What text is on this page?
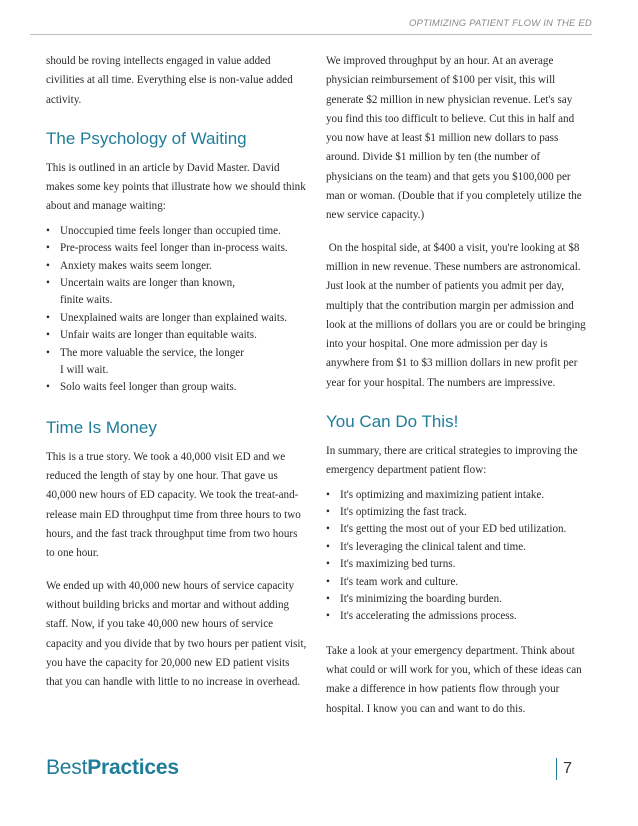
OPTIMIZING PATIENT FLOW IN THE ED

should be roving intellects engaged in value added civilities at all time. Everything else is non-value added activity.

The Psychology of Waiting

This is outlined in an article by David Master. David makes some key points that illustrate how we should think about and manage waiting:

• Unoccupied time feels longer than occupied time.
• Pre-process waits feel longer than in-process waits.
• Anxiety makes waits seem longer.
• Uncertain waits are longer than known,
finite waits.
• Unexplained waits are longer than explained waits.
• Unfair waits are longer than equitable waits.
• The more valuable the service, the longer
I will wait.
• Solo waits feel longer than group waits.
Time Is Money

This is a true story. We took a 40,000 visit ED and we reduced the length of stay by one hour. That gave us 40,000 new hours of ED capacity. We took the treat-and-release main ED throughput time from three hours to two hours, and the fast track throughput time from two hours to one hour.

We ended up with 40,000 new hours of service capacity without building bricks and mortar and without adding staff. Now, if you take 40,000 new hours of service capacity and you divide that by two hours per patient visit, you have the capacity for 20,000 new ED patient visits that you can handle with little to no increase in overhead.

We improved throughput by an hour. At an average physician reimbursement of $100 per visit, this will generate $2 million in new physician revenue. Let's say you find this too difficult to believe. Cut this in half and you now have at least $1 million new dollars to pass around. Divide $1 million by ten (the number of physicians on the team) and that gets you $100,000 per man or woman. (Double that if you completely utilize the new service capacity.)

On the hospital side, at $400 a visit, you're looking at $8 million in new revenue. These numbers are astronomical. Just look at the number of patients you admit per day, multiply that the contribution margin per admission and look at the millions of dollars you are or could be bringing into your hospital. One more admission per day is anywhere from $1 to $3 million dollars in new profit per year for your hospital. The numbers are impressive.

You Can Do This!

In summary, there are critical strategies to improving the emergency department patient flow:

• It's optimizing and maximizing patient intake.
• It's optimizing the fast track.
• It's getting the most out of your ED bed utilization.
• It's leveraging the clinical talent and time.
• It's maximizing bed turns.
• It's team work and culture.
• It's minimizing the boarding burden.
• It's accelerating the admissions process.

Take a look at your emergency department. Think about what could or will work for you, which of these ideas can make a difference in how patients flow through your hospital. I know you can and want to do this.

BestPractices	7
